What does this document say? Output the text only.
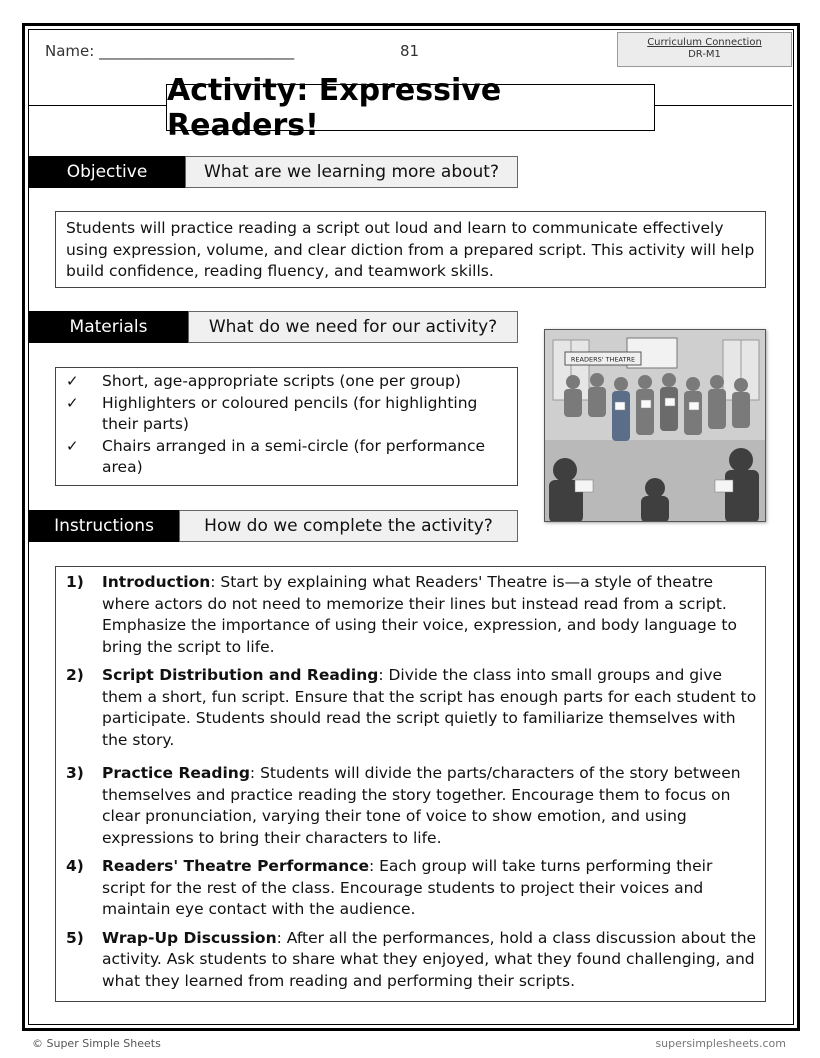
Name: __________________________	81	Curriculum Connection
DR-M1
Activity: Expressive Readers!
Objective	What are we learning more about?
Students will practice reading a script out loud and learn to communicate effectively using expression, volume, and clear diction from a prepared script. This activity will help build confidence, reading fluency, and teamwork skills.
Materials	What do we need for our activity?
✓	Short, age-appropriate scripts (one per group)
✓	Highlighters or coloured pencils (for highlighting their parts)
✓	Chairs arranged in a semi-circle (for performance area)
READERS' THEATRE
Instructions	How do we complete the activity?
1)	Introduction: Start by explaining what Readers' Theatre is—a style of theatre where actors do not need to memorize their lines but instead read from a script. Emphasize the importance of using their voice, expression, and body language to bring the script to life.
2)	Script Distribution and Reading: Divide the class into small groups and give them a short, fun script. Ensure that the script has enough parts for each student to participate. Students should read the script quietly to familiarize themselves with the story.
3)	Practice Reading: Students will divide the parts/characters of the story between themselves and practice reading the story together. Encourage them to focus on clear pronunciation, varying their tone of voice to show emotion, and using expressions to bring their characters to life.
4)	Readers' Theatre Performance: Each group will take turns performing their script for the rest of the class. Encourage students to project their voices and maintain eye contact with the audience.
5)	Wrap-Up Discussion: After all the performances, hold a class discussion about the activity. Ask students to share what they enjoyed, what they found challenging, and what they learned from reading and performing their scripts.
© Super Simple Sheets	supersimplesheets.com
